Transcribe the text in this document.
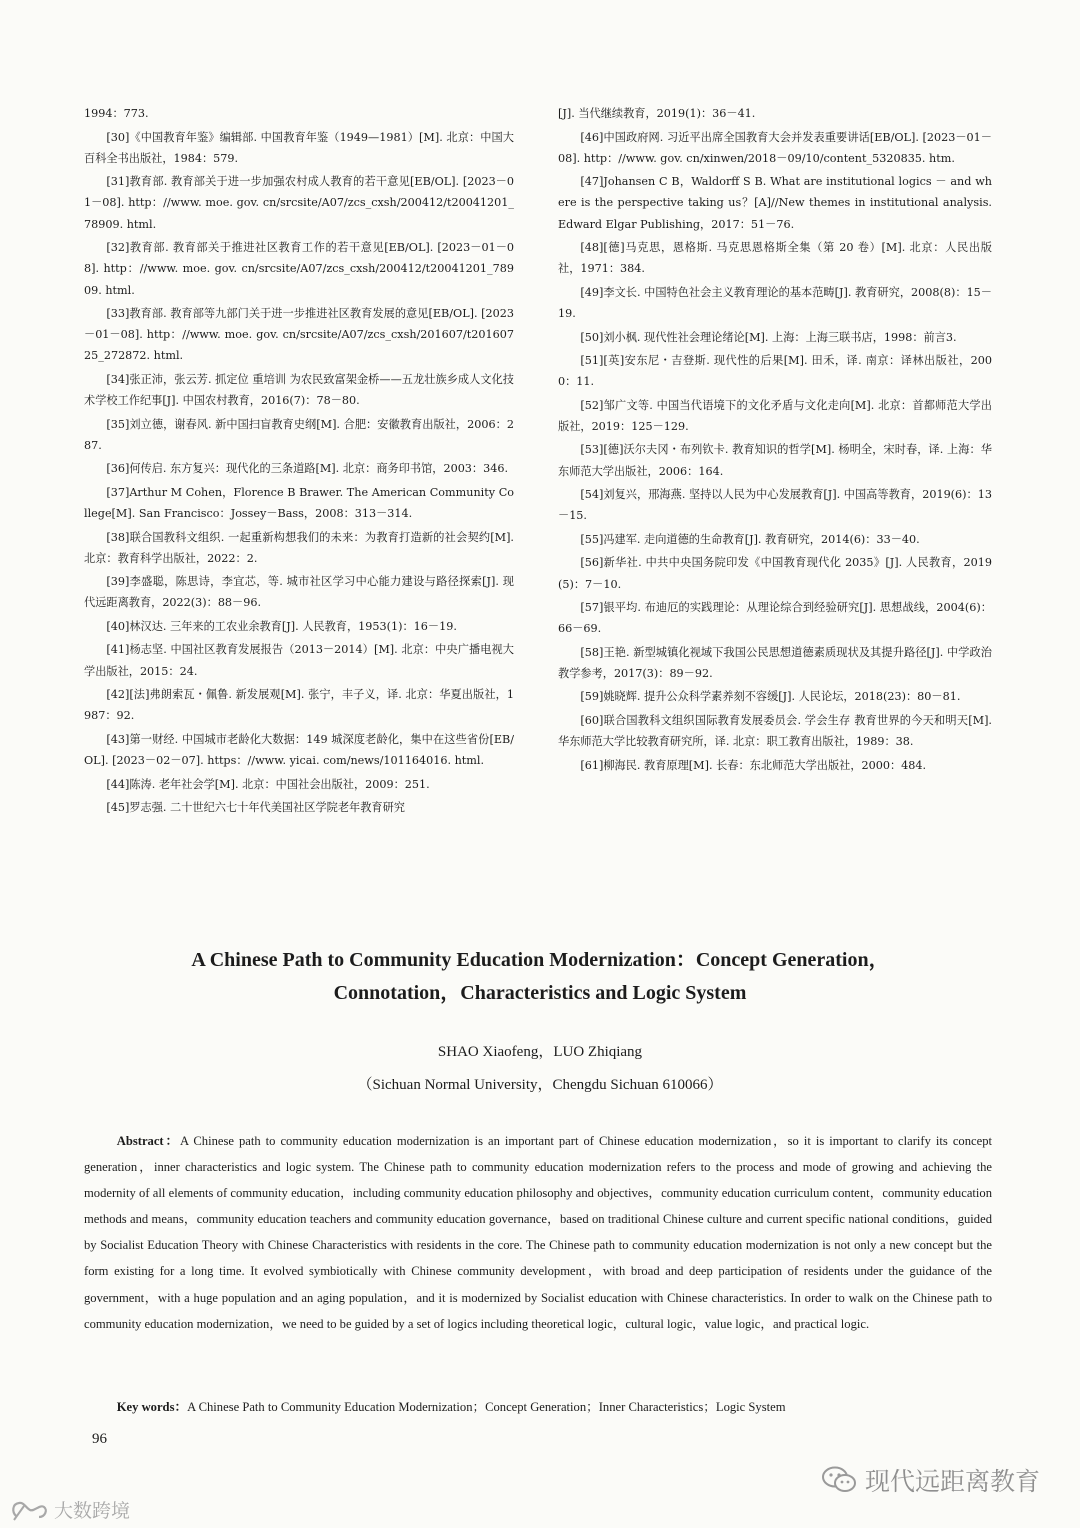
1994：773.

[30]《中国教育年鉴》编辑部. 中国教育年鉴（1949—1981）[M]. 北京：中国大百科全书出版社，1984：579.

[31]教育部. 教育部关于进一步加强农村成人教育的若干意见[EB/OL]. [2023－01－08]. http：//www. moe. gov. cn/srcsite/A07/zcs_cxsh/200412/t20041201_78909. html.

[32]教育部. 教育部关于推进社区教育工作的若干意见[EB/OL]. [2023－01－08]. http：//www. moe. gov. cn/srcsite/A07/zcs_cxsh/200412/t20041201_78909. html.

[33]教育部. 教育部等九部门关于进一步推进社区教育发展的意见[EB/OL]. [2023－01－08]. http：//www. moe. gov. cn/srcsite/A07/zcs_cxsh/201607/t20160725_272872. html.

[34]张正沛，张云芳. 抓定位 重培训 为农民致富架金桥——五龙壮族乡成人文化技术学校工作纪事[J]. 中国农村教育，2016(7)：78－80.

[35]刘立德，谢春风. 新中国扫盲教育史纲[M]. 合肥：安徽教育出版社，2006：287.

[36]何传启. 东方复兴：现代化的三条道路[M]. 北京：商务印书馆，2003：346.

[37]Arthur M Cohen，Florence B Brawer. The American Community College[M]. San Francisco：Jossey－Bass，2008：313－314.

[38]联合国教科文组织. 一起重新构想我们的未来：为教育打造新的社会契约[M]. 北京：教育科学出版社，2022：2.

[39]李盛聪，陈思诗，李宜芯，等. 城市社区学习中心能力建设与路径探索[J]. 现代远距离教育，2022(3)：88－96.

[40]林汉达. 三年来的工农业余教育[J]. 人民教育，1953(1)：16－19.

[41]杨志坚. 中国社区教育发展报告（2013－2014）[M]. 北京：中央广播电视大学出版社，2015：24.

[42][法]弗朗索瓦・佩鲁. 新发展观[M]. 张宁，丰子义，译. 北京：华夏出版社，1987：92.

[43]第一财经. 中国城市老龄化大数据：149 城深度老龄化，集中在这些省份[EB/OL]. [2023－02－07]. https：//www. yicai. com/news/101164016. html.

[44]陈涛. 老年社会学[M]. 北京：中国社会出版社，2009：251.

[45]罗志强. 二十世纪六七十年代美国社区学院老年教育研究

[J]. 当代继续教育，2019(1)：36－41.

[46]中国政府网. 习近平出席全国教育大会并发表重要讲话[EB/OL]. [2023－01－08]. http：//www. gov. cn/xinwen/2018－09/10/content_5320835. htm.

[47]Johansen C B，Waldorff S B. What are institutional logics － and where is the perspective taking us？[A]//New themes in institutional analysis. Edward Elgar Publishing，2017：51－76.

[48][德]马克思，恩格斯. 马克思恩格斯全集（第 20 卷）[M]. 北京：人民出版社，1971：384.

[49]李文长. 中国特色社会主义教育理论的基本范畴[J]. 教育研究，2008(8)：15－19.

[50]刘小枫. 现代性社会理论绪论[M]. 上海：上海三联书店，1998：前言3.

[51][英]安东尼・吉登斯. 现代性的后果[M]. 田禾，译. 南京：译林出版社，2000：11.

[52]邹广文等. 中国当代语境下的文化矛盾与文化走向[M]. 北京：首都师范大学出版社，2019：125－129.

[53][德]沃尔夫冈・布列钦卡. 教育知识的哲学[M]. 杨明全，宋时春，译. 上海：华东师范大学出版社，2006：164.

[54]刘复兴，邢海燕. 坚持以人民为中心发展教育[J]. 中国高等教育，2019(6)：13－15.

[55]冯建军. 走向道德的生命教育[J]. 教育研究，2014(6)：33－40.

[56]新华社. 中共中央国务院印发《中国教育现代化 2035》[J]. 人民教育，2019(5)：7－10.

[57]银平均. 布迪厄的实践理论：从理论综合到经验研究[J]. 思想战线，2004(6)：66－69.

[58]王艳. 新型城镇化视域下我国公民思想道德素质现状及其提升路径[J]. 中学政治教学参考，2017(3)：89－92.

[59]姚晓辉. 提升公众科学素养刻不容缓[J]. 人民论坛，2018(23)：80－81.

[60]联合国教科文组织国际教育发展委员会. 学会生存 教育世界的今天和明天[M]. 华东师范大学比较教育研究所，译. 北京：职工教育出版社，1989：38.

[61]柳海民. 教育原理[M]. 长春：东北师范大学出版社，2000：484.

A Chinese Path to Community Education Modernization：Concept Generation，
Connotation，Characteristics and Logic System
SHAO Xiaofeng，LUO Zhiqiang
（Sichuan Normal University，Chengdu Sichuan 610066）

Abstract：A Chinese path to community education modernization is an important part of Chinese education modernization，so it is important to clarify its concept generation，inner characteristics and logic system. The Chinese path to community education modernization refers to the process and mode of growing and achieving the modernity of all elements of community education，including community education philosophy and objectives，community education curriculum content，community education methods and means，community education teachers and community education governance，based on traditional Chinese culture and current specific national conditions，guided by Socialist Education Theory with Chinese Characteristics with residents in the core. The Chinese path to community education modernization is not only a new concept but the form existing for a long time. It evolved symbiotically with Chinese community development，with broad and deep participation of residents under the guidance of the government，with a huge population and an aging population，and it is modernized by Socialist education with Chinese characteristics. In order to walk on the Chinese path to community education modernization，we need to be guided by a set of logics including theoretical logic，cultural logic，value logic，and practical logic.

Key words：A Chinese Path to Community Education Modernization；Concept Generation；Inner Characteristics；Logic System

96
现代远距离教育
大数跨境
